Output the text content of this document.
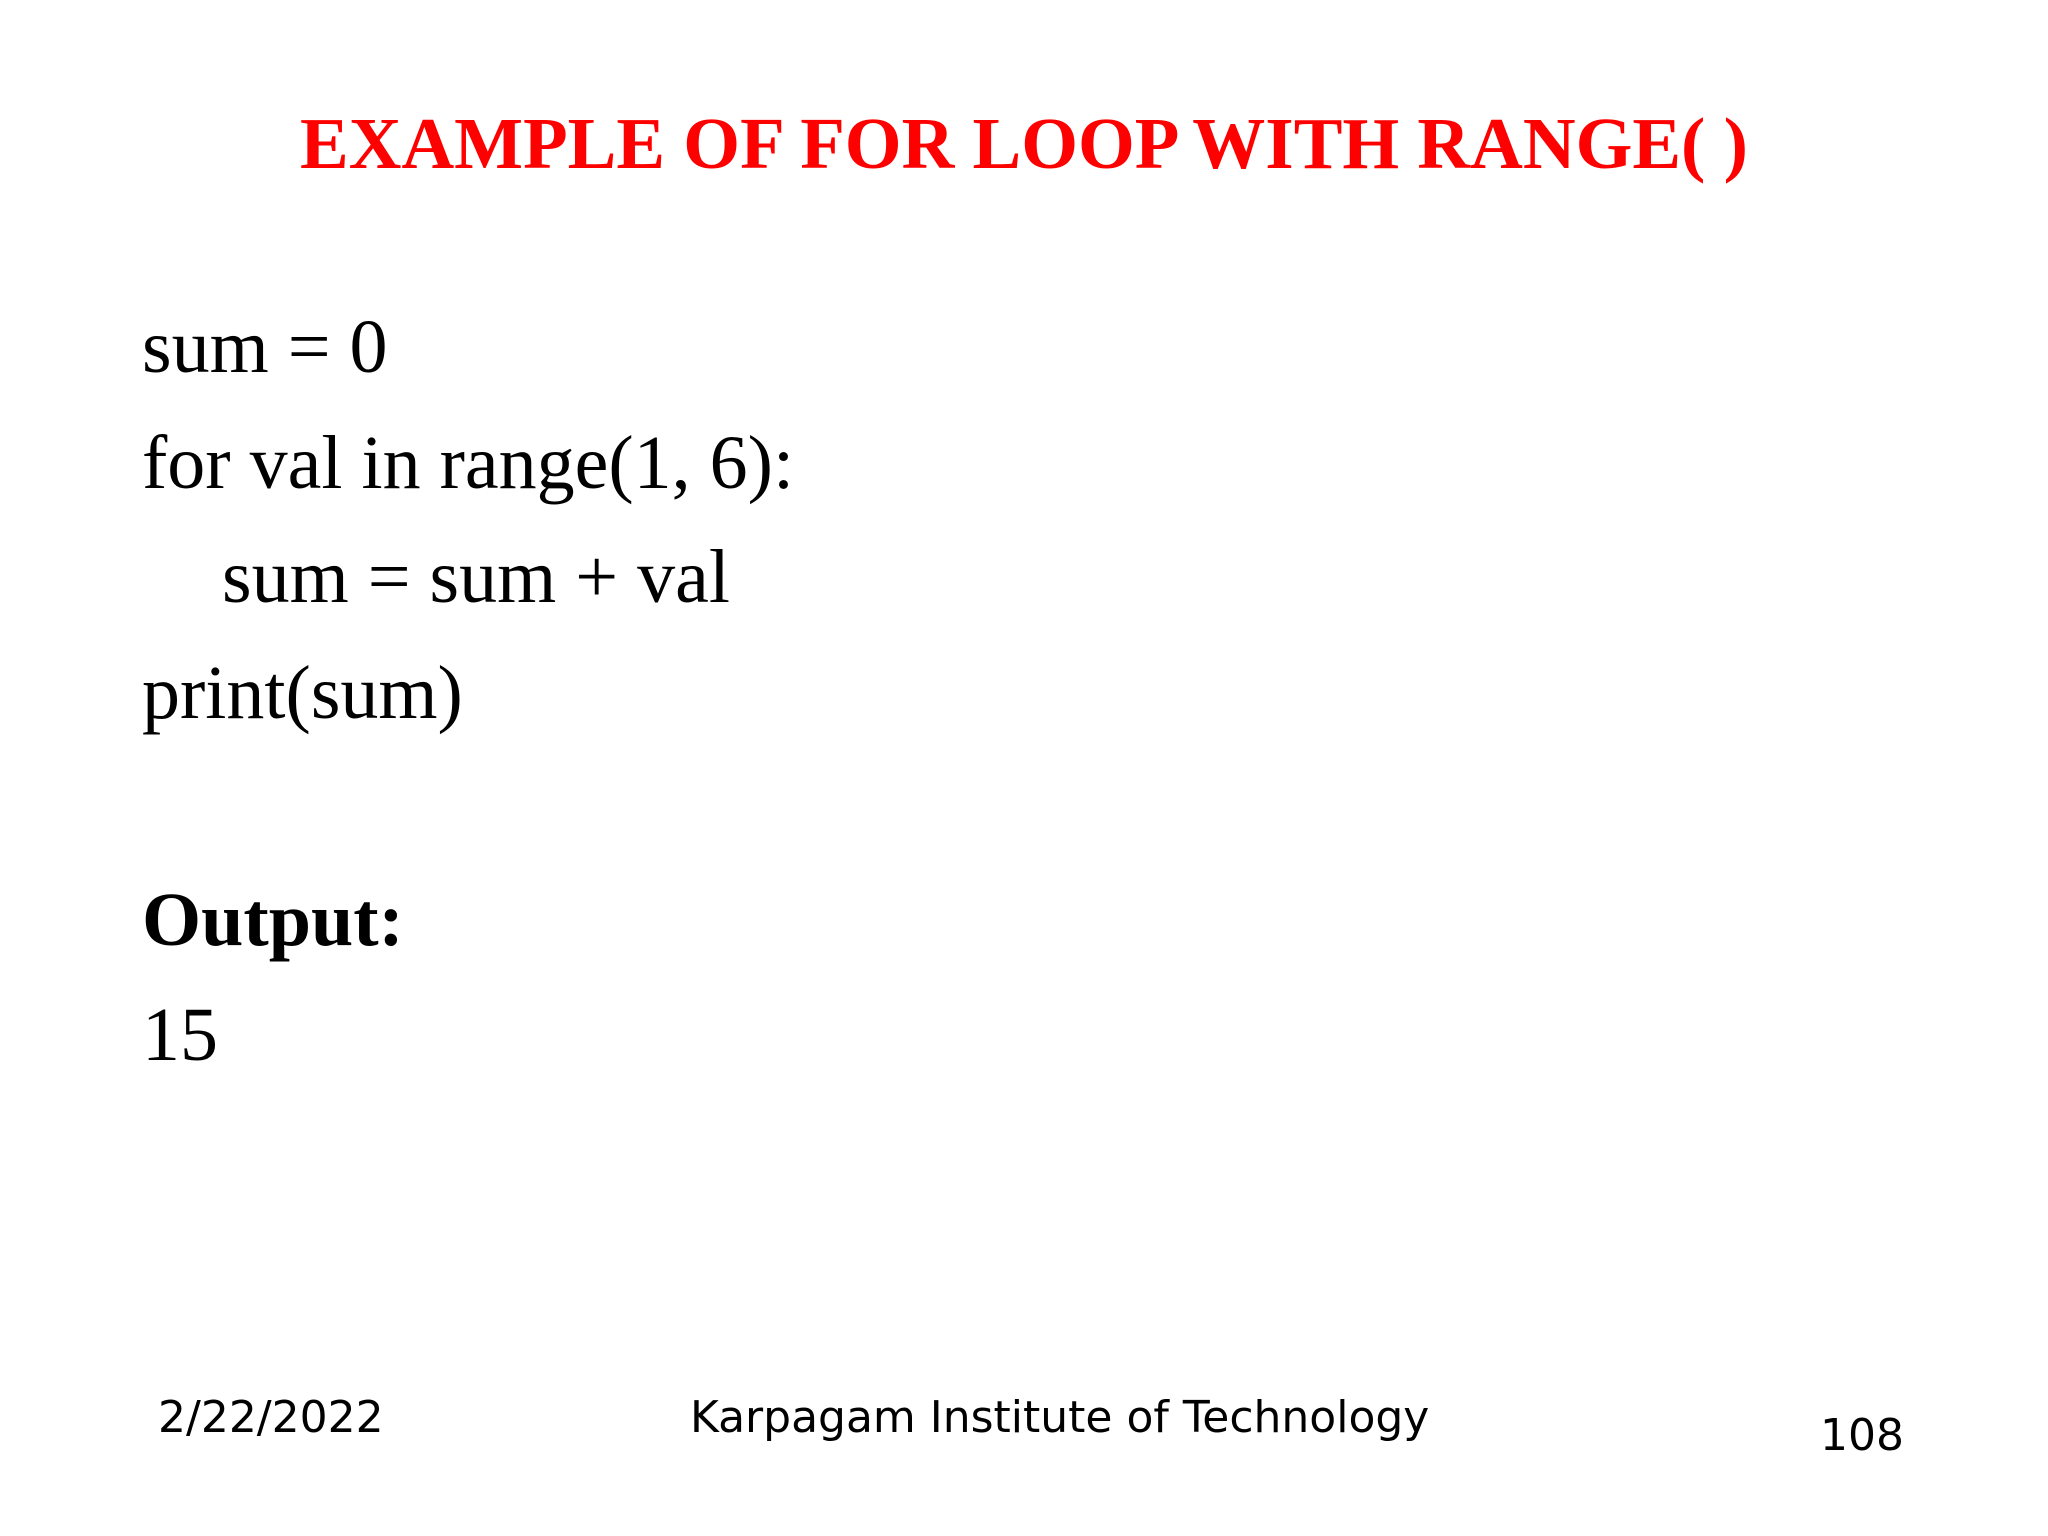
EXAMPLE OF FOR LOOP WITH RANGE( )
sum = 0
for val in range(1, 6):
sum = sum + val
print(sum)
Output:
15
2/22/2022	Karpagam Institute of Technology	108
